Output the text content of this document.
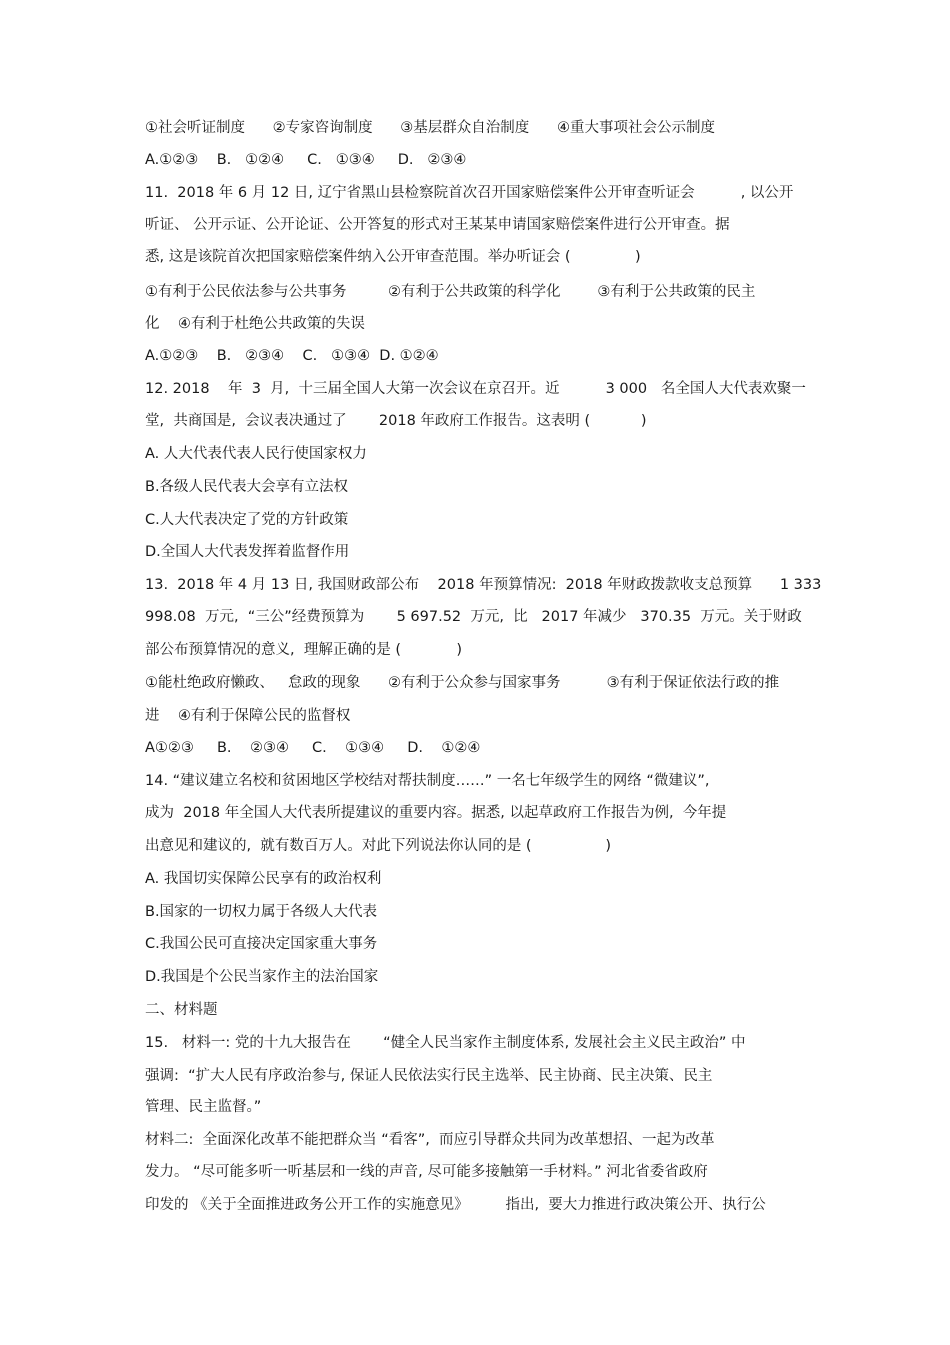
①社会听证制度      ②专家咨询制度      ③基层群众自治制度      ④重大事项社会公示制度
A.①②③    B.   ①②④     C.   ①③④     D.   ②③④
11.  2018 年 6 月 12 日, 辽宁省黑山县检察院首次召开国家赔偿案件公开审查听证会          , 以公开
听证、 公开示证、公开论证、公开答复的形式对王某某申请国家赔偿案件进行公开审查。据
悉, 这是该院首次把国家赔偿案件纳入公开审查范围。举办听证会 (              )
①有利于公民依法参与公共事务         ②有利于公共政策的科学化        ③有利于公共政策的民主
化    ④有利于杜绝公共政策的失误
A.①②③    B.   ②③④    C.   ①③④  D. ①②④
12. 2018    年  3  月,  十三届全国人大第一次会议在京召开。近          3 000   名全国人大代表欢聚一
堂,  共商国是,  会议表决通过了       2018 年政府工作报告。这表明 (           )
A. 人大代表代表人民行使国家权力
B.各级人民代表大会享有立法权
C.人大代表决定了党的方针政策
D.全国人大代表发挥着监督作用
13.  2018 年 4 月 13 日, 我国财政部公布    2018 年预算情况:  2018 年财政拨款收支总预算      1 333
998.08  万元,  “三公”经费预算为       5 697.52  万元,  比   2017 年减少   370.35  万元。关于财政
部公布预算情况的意义,  理解正确的是 (            )
①能杜绝政府懒政、   怠政的现象      ②有利于公众参与国家事务          ③有利于保证依法行政的推
进    ④有利于保障公民的监督权
A①②③     B.    ②③④     C.    ①③④     D.    ①②④
14. “建议建立名校和贫困地区学校结对帮扶制度……” 一名七年级学生的网络 “微建议”,
成为  2018 年全国人大代表所提建议的重要内容。据悉, 以起草政府工作报告为例,  今年提
出意见和建议的,  就有数百万人。对此下列说法你认同的是 (                )
A. 我国切实保障公民享有的政治权利
B.国家的一切权力属于各级人大代表
C.我国公民可直接决定国家重大事务
D.我国是个公民当家作主的法治国家
二、材料题
15.   材料一: 党的十九大报告在       “健全人民当家作主制度体系, 发展社会主义民主政治” 中
强调:  “扩大人民有序政治参与, 保证人民依法实行民主选举、民主协商、民主决策、民主
管理、民主监督。”
材料二:  全面深化改革不能把群众当 “看客”,  而应引导群众共同为改革想招、一起为改革
发力。 “尽可能多听一听基层和一线的声音, 尽可能多接触第一手材料。” 河北省委省政府
印发的 《关于全面推进政务公开工作的实施意见》        指出,  要大力推进行政决策公开、执行公
